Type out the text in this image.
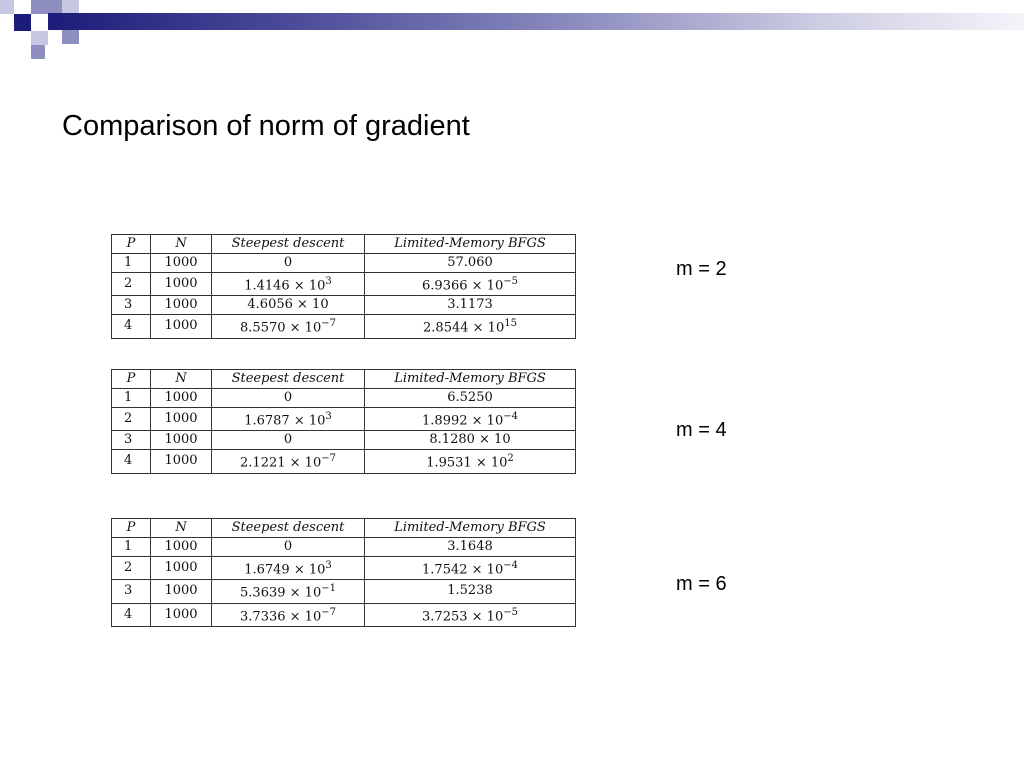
Comparison of norm of gradient
P	N	Steepest descent	Limited-Memory BFGS
1	1000	0	57.060
2	1000	$1.4146 \times 10^3$	$6.9366 \times 10^{-5}$
3	1000	4.6056 × 10	3.1173
4	1000	$8.5570 \times 10^{-7}$	$2.8544 \times 10^{15}$
m = 2
P	N	Steepest descent	Limited-Memory BFGS
1	1000	0	6.5250
2	1000	$1.6787 \times 10^3$	$1.8992 \times 10^{-4}$
3	1000	0	8.1280 × 10
4	1000	$2.1221 \times 10^{-7}$	$1.9531 \times 10^2$
m = 4
P	N	Steepest descent	Limited-Memory BFGS
1	1000	0	3.1648
2	1000	$1.6749 \times 10^3$	$1.7542 \times 10^{-4}$
3	1000	$5.3639 \times 10^{-1}$	1.5238
4	1000	$3.7336 \times 10^{-7}$	$3.7253 \times 10^{-5}$
m = 6
